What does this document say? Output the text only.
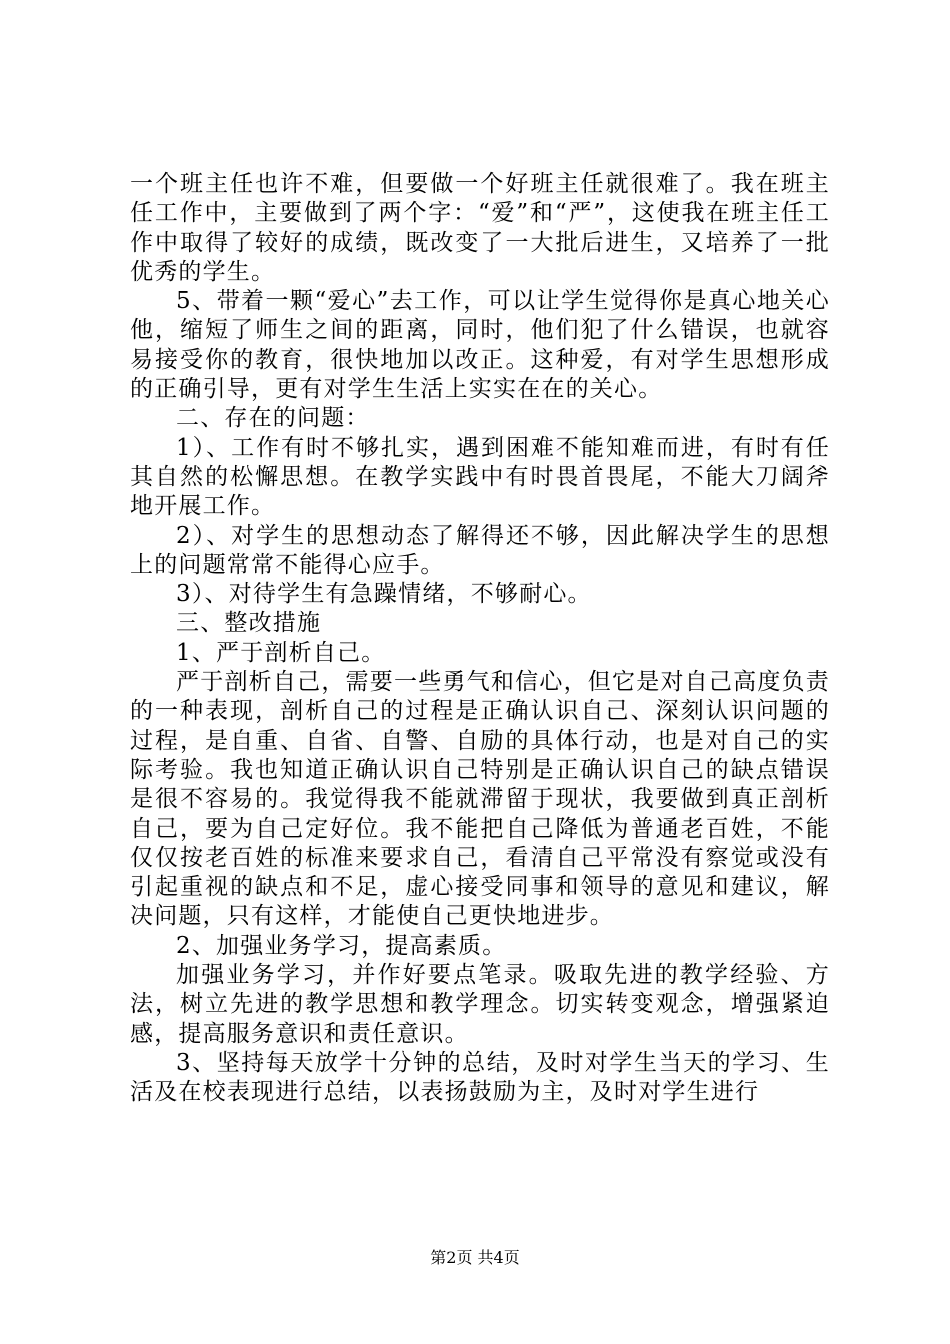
一个班主任也许不难，但要做一个好班主任就很难了。我在班主任工作中，主要做到了两个字：“爱”和“严”，这使我在班主任工作中取得了较好的成绩，既改变了一大批后进生，又培养了一批优秀的学生。

5、带着一颗“爱心”去工作，可以让学生觉得你是真心地关心他，缩短了师生之间的距离，同时，他们犯了什么错误，也就容易接受你的教育，很快地加以改正。这种爱，有对学生思想形成的正确引导，更有对学生生活上实实在在的关心。

二、存在的问题：

1）、工作有时不够扎实，遇到困难不能知难而进，有时有任其自然的松懈思想。在教学实践中有时畏首畏尾，不能大刀阔斧地开展工作。

2）、对学生的思想动态了解得还不够，因此解决学生的思想上的问题常常不能得心应手。

3）、对待学生有急躁情绪，不够耐心。

三、整改措施

1、严于剖析自己。

严于剖析自己，需要一些勇气和信心，但它是对自己高度负责的一种表现，剖析自己的过程是正确认识自己、深刻认识问题的过程，是自重、自省、自警、自励的具体行动，也是对自己的实际考验。我也知道正确认识自己特别是正确认识自己的缺点错误是很不容易的。我觉得我不能就滞留于现状，我要做到真正剖析自己，要为自己定好位。我不能把自己降低为普通老百姓，不能仅仅按老百姓的标准来要求自己，看清自己平常没有察觉或没有引起重视的缺点和不足，虚心接受同事和领导的意见和建议，解决问题，只有这样，才能使自己更快地进步。

2、加强业务学习，提高素质。

加强业务学习，并作好要点笔录。吸取先进的教学经验、方法，树立先进的教学思想和教学理念。切实转变观念，增强紧迫感，提高服务意识和责任意识。

3、坚持每天放学十分钟的总结，及时对学生当天的学习、生活及在校表现进行总结，以表扬鼓励为主，及时对学生进行

第2页 共4页
